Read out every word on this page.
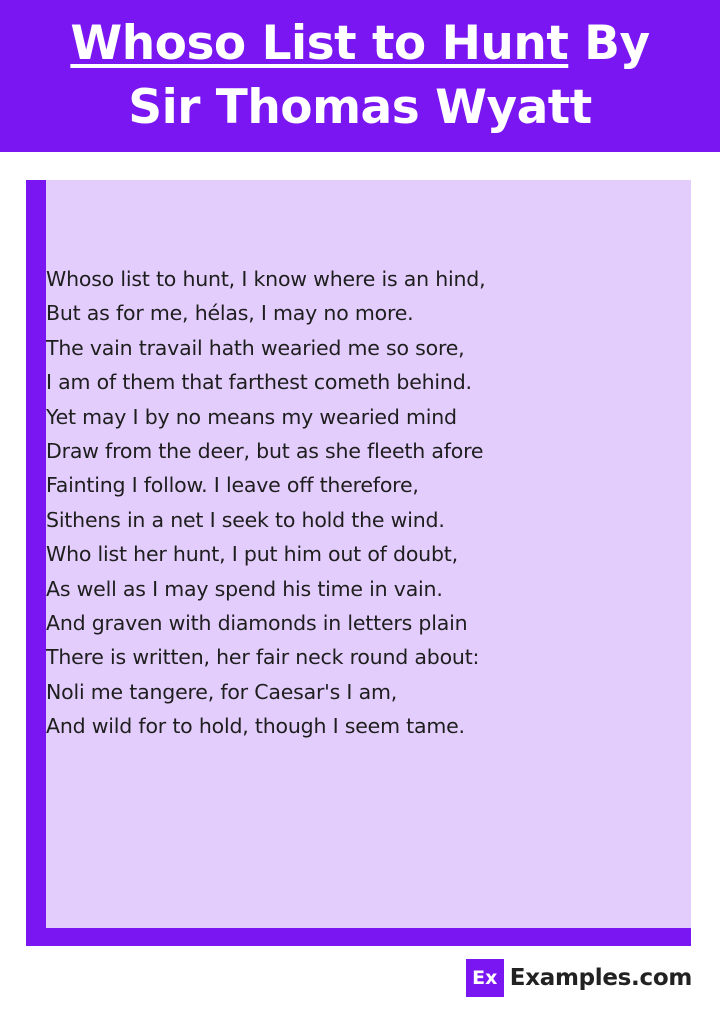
Whoso List to Hunt By
Sir Thomas Wyatt
Whoso list to hunt, I know where is an hind,
But as for me, hélas, I may no more.
The vain travail hath wearied me so sore,
I am of them that farthest cometh behind.
Yet may I by no means my wearied mind
Draw from the deer, but as she fleeth afore
Fainting I follow. I leave off therefore,
Sithens in a net I seek to hold the wind.
Who list her hunt, I put him out of doubt,
As well as I may spend his time in vain.
And graven with diamonds in letters plain
There is written, her fair neck round about:
Noli me tangere, for Caesar's I am,
And wild for to hold, though I seem tame.
Ex Examples.com
